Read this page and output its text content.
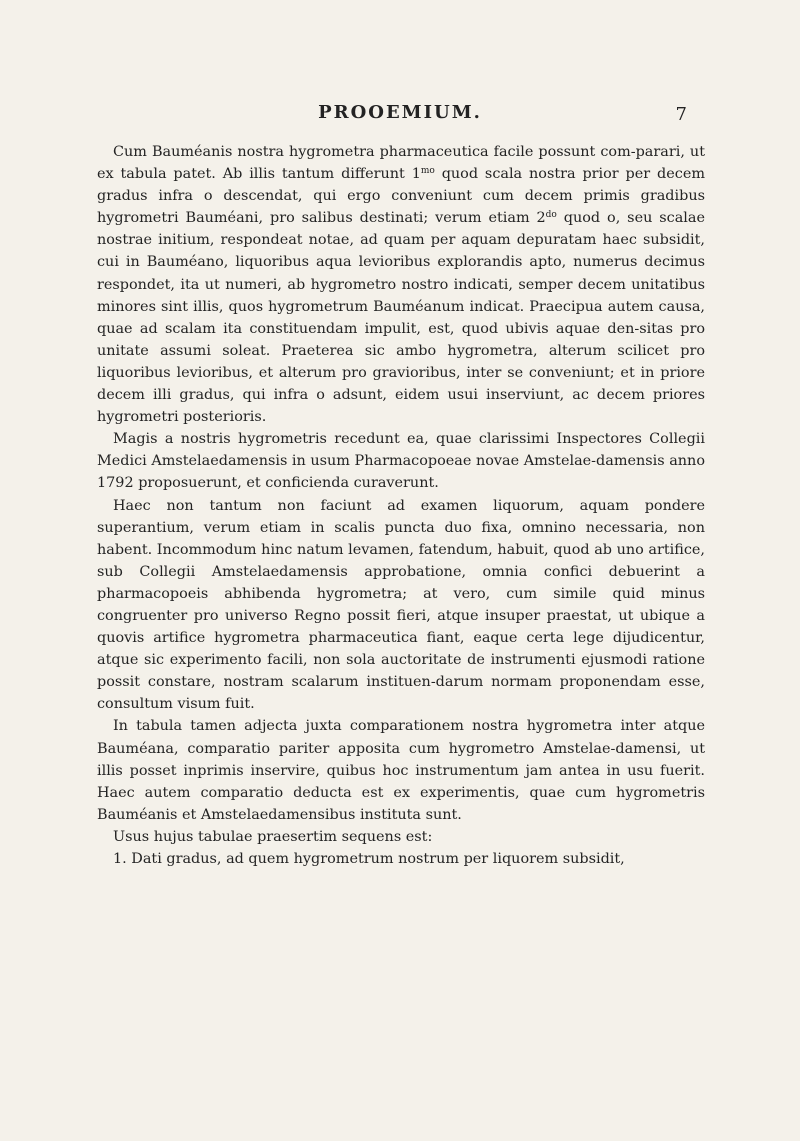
PROOEMIUM.	7

Cum Bauméanis nostra hygrometra pharmaceutica facile possunt com-parari, ut ex tabula patet. Ab illis tantum differunt $1^{mo}$ quod scala nostra prior per decem gradus infra o descendat, qui ergo conveniunt cum decem primis gradibus hygrometri Bauméani, pro salibus destinati; verum etiam $2^{do}$ quod o, seu scalae nostrae initium, respondeat notae, ad quam per aquam depuratam haec subsidit, cui in Bauméano, liquoribus aqua levioribus explorandis apto, numerus decimus respondet, ita ut numeri, ab hygrometro nostro indicati, semper decem unitatibus minores sint illis, quos hygrometrum Bauméanum indicat. Praecipua autem causa, quae ad scalam ita constituendam impulit, est, quod ubivis aquae den-sitas pro unitate assumi soleat. Praeterea sic ambo hygrometra, alterum scilicet pro liquoribus levioribus, et alterum pro gravioribus, inter se conveniunt; et in priore decem illi gradus, qui infra o adsunt, eidem usui inserviunt, ac decem priores hygrometri posterioris.

Magis a nostris hygrometris recedunt ea, quae clarissimi Inspectores Collegii Medici Amstelaedamensis in usum Pharmacopoeae novae Amstelae-damensis anno 1792 proposuerunt, et conficienda curaverunt.

Haec non tantum non faciunt ad examen liquorum, aquam pondere superantium, verum etiam in scalis puncta duo fixa, omnino necessaria, non habent. Incommodum hinc natum levamen, fatendum, habuit, quod ab uno artifice, sub Collegii Amstelaedamensis approbatione, omnia confici debuerint a pharmacopoeis abhibenda hygrometra; at vero, cum simile quid minus congruenter pro universo Regno possit fieri, atque insuper praestat, ut ubique a quovis artifice hygrometra pharmaceutica fiant, eaque certa lege dijudicentur, atque sic experimento facili, non sola auctoritate de instrumenti ejusmodi ratione possit constare, nostram scalarum instituen-darum normam proponendam esse, consultum visum fuit.

In tabula tamen adjecta juxta comparationem nostra hygrometra inter atque Bauméana, comparatio pariter apposita cum hygrometro Amstelae-damensi, ut illis posset inprimis inservire, quibus hoc instrumentum jam antea in usu fuerit. Haec autem comparatio deducta est ex experimentis, quae cum hygrometris Bauméanis et Amstelaedamensibus instituta sunt.

Usus hujus tabulae praesertim sequens est:

1. Dati gradus, ad quem hygrometrum nostrum per liquorem subsidit,
